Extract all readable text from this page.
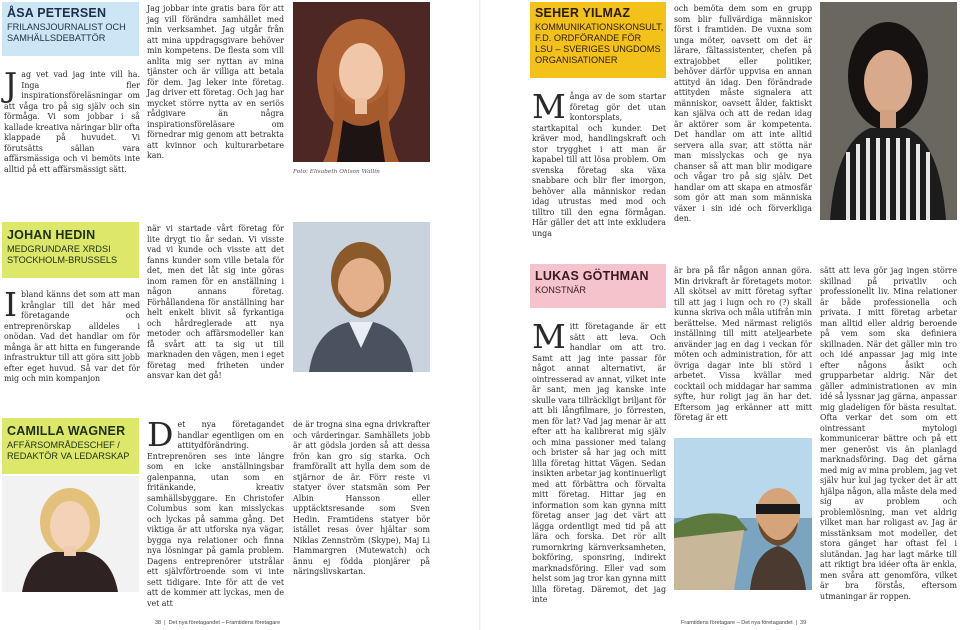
ÅSA PETERSEN
FRILANSJOURNALIST OCH SAMHÄLLSDEBATTÖR
Jag vet vad jag inte vill ha. Inga fler inspirationsföreläsningar om att våga tro på sig själv och sin förmåga. Vi som jobbar i så kallade kreativa näringar blir ofta klappade på huvudet. Vi förutsätts sällan vara affärsmässiga och vi bemöts inte alltid på ett affärsmässigt sätt.
Jag jobbar inte gratis bara för att jag vill förändra samhället med min verksamhet. Jag utgår från att mina uppdragsgivare behöver min kompetens. De flesta som vill anlita mig ser nyttan av mina tjänster och är villiga att betala för dem. Jag leker inte företag. Jag driver ett företag. Och jag har mycket större nytta av en seriös rådgivare än några inspirationsföreläsare om förnedrar mig genom att betrakta att kvinnor och kulturarbetare kan.
Foto: Elisabeth Ohlson Wallin
JOHAN HEDIN
MEDGRUNDARE XRDSI STOCKHOLM-BRUSSELS
Ibland känns det som att man krånglar till det här med företagande och entreprenörskap alldeles i onödan. Vad det handlar om för många är att hitta en fungerande infrastruktur till att göra sitt jobb efter eget huvud. Så var det för mig och min kompanjon
när vi startade vårt företag för lite drygt tio år sedan. Vi visste vad vi kunde och visste att det fanns kunder som ville betala för det, men det låt sig inte göras inom ramen för en anställning i någon annans företag. Förhållandena för anställning har helt enkelt blivit så fyrkantiga och hårdreglerade att nya metoder och affärsmodeller kan få svårt att ta sig ut till marknaden den vägen, men i eget företag med friheten under ansvar kan det gå!
CAMILLA WAGNER
AFFÄRSOMRÅDESCHEF / REDAKTÖR VA LEDARSKAP
Det nya företagandet handlar egentligen om en attitydförändring. Entreprenören ses inte längre som en icke anställningsbar galenpanna, utan som en fritänkande, kreativ samhällsbyggare. En Christofer Columbus som kan misslyckas och lyckas på samma gång. Det viktiga är att utforska nya vägar, bygga nya relationer och finna nya lösningar på gamla problem. Dagens entreprenörer utstrålar ett självförtroende som vi inte sett tidigare. Inte för att de vet att de kommer att lyckas, men de vet att
de är trogna sina egna drivkrafter och värderingar. Samhällets jobb är att gödsla jorden så att dessa frön kan gro sig starka. Och framförallt att hylla dem som de stjärnor de är. Förr reste vi statyer över statsmän som Per Albin Hansson eller upptäcktsresande som Sven Hedin. Framtidens statyer bör istället resas över hjältar som Niklas Zennström (Skype), Maj Li Hammargren (Mutewatch) och ännu ej födda pionjärer på näringslivskartan.
38 | Det nya företagandet – Framtidens företagare
SEHER YILMAZ
KOMMUNIKATIONSKONSULT, F.D. ORDFÖRANDE FÖR LSU – SVERIGES UNGDOMS ORGANISATIONER
Många av de som startar företag gör det utan kontorsplats, startkapital och kunder. Det kräver mod, handlingskraft och stor trygghet i att man är kapabel till att lösa problem. Om svenska företag ska växa snabbare och blir fler imorgon, behöver alla människor redan idag utrustas med mod och tilltro till den egna förmågan. Här gäller det att inte exkludera unga
och bemöta dem som en grupp som blir fullvärdiga människor först i framtiden. De vuxna som unga möter, oavsett om det är lärare, fältassistenter, chefen på extrajobbet eller politiker, behöver därför uppvisa en annan attityd än idag. Den förändrade attityden måste signalera att människor, oavsett ålder, faktiskt kan själva och att de redan idag är aktörer som är kompetenta. Det handlar om att inte alltid servera alla svar, att stötta när man misslyckas och ge nya chanser så att man blir modigare och vågar tro på sig själv. Det handlar om att skapa en atmosfär som gör att man som människa växer i sin idé och förverkliga den.
LUKAS GÖTHMAN
KONSTNÄR
Mitt företagande är ett sätt att leva. Och handlar om att tro. Samt att jag inte passar för något annat alternativt, är ointresserad av annat, vilket inte är sant, men jag kanske inte skulle vara tillräckligt briljant för att bli långfilmare, jo förresten, men för lat? Vad jag menar är att efter att ha kalibrerat mig själv och mina passioner med talang och brister så har jag och mitt lilla företag hittat Vägen. Sedan insikten arbetar jag kontinuerligt med att förbättra och förvalta mitt företag. Hittar jag en information som kan gynna mitt företag anser jag det värt att lägga ordentligt med tid på att lära och forska. Det rör allt rumornkring kärnverksamheten, bokföring, sponsring, indirekt marknadsföring. Eller vad som helst som jag tror kan gynna mitt lilla företag. Däremot, det jag inte
är bra på får någon annan göra. Min drivkraft är företagets motor. All skötsel av mitt företag syftar till att jag i lugn och ro (?) skall kunna skriva och måla utifrån min berättelse. Med närmast religiös inställning till mitt ateljearbete använder jag en dag i veckan för möten och administration, för att övriga dagar inte bli störd i arbetet. Vissa kvällar med cocktail och middagar har samma syfte, hur roligt jag än har det. Eftersom jag erkänner att mitt företag är ett
sätt att leva gör jag ingen större skillnad på privatliv och professionellt liv. Mina relationer är både professionella och privata. I mitt företag arbetar man alltid eller aldrig beroende på vem som ska definiera skillnaden. När det gäller min tro och idé anpassar jag mig inte efter någons åsikt och grupparbetar aldrig. När det gäller administrationen av min idé så lyssnar jag gärna, anpassar mig gladeligen för bästa resultat. Ofta verkar det som om ett ointressant mytologi kommunicerar bättre och på ett mer generöst vis än planlagd marknadsföring. Dag det gärna med mig av mina problem, jag vet själv hur kul jag tycker det är att hjälpa någon, alla måste dela med sig av problem och problemlösning, man vet aldrig vilket man har roligast av. Jag är misstänksam mot modeller, det stora gänget har oftast fel i slutändan. Jag har lagt märke till att riktigt bra idéer ofta är enkla, men svåra att genomföra, vilket är bra förstås, eftersom utmaningar är roppen.
Framtidens företagare – Det nya företagandet | 39
